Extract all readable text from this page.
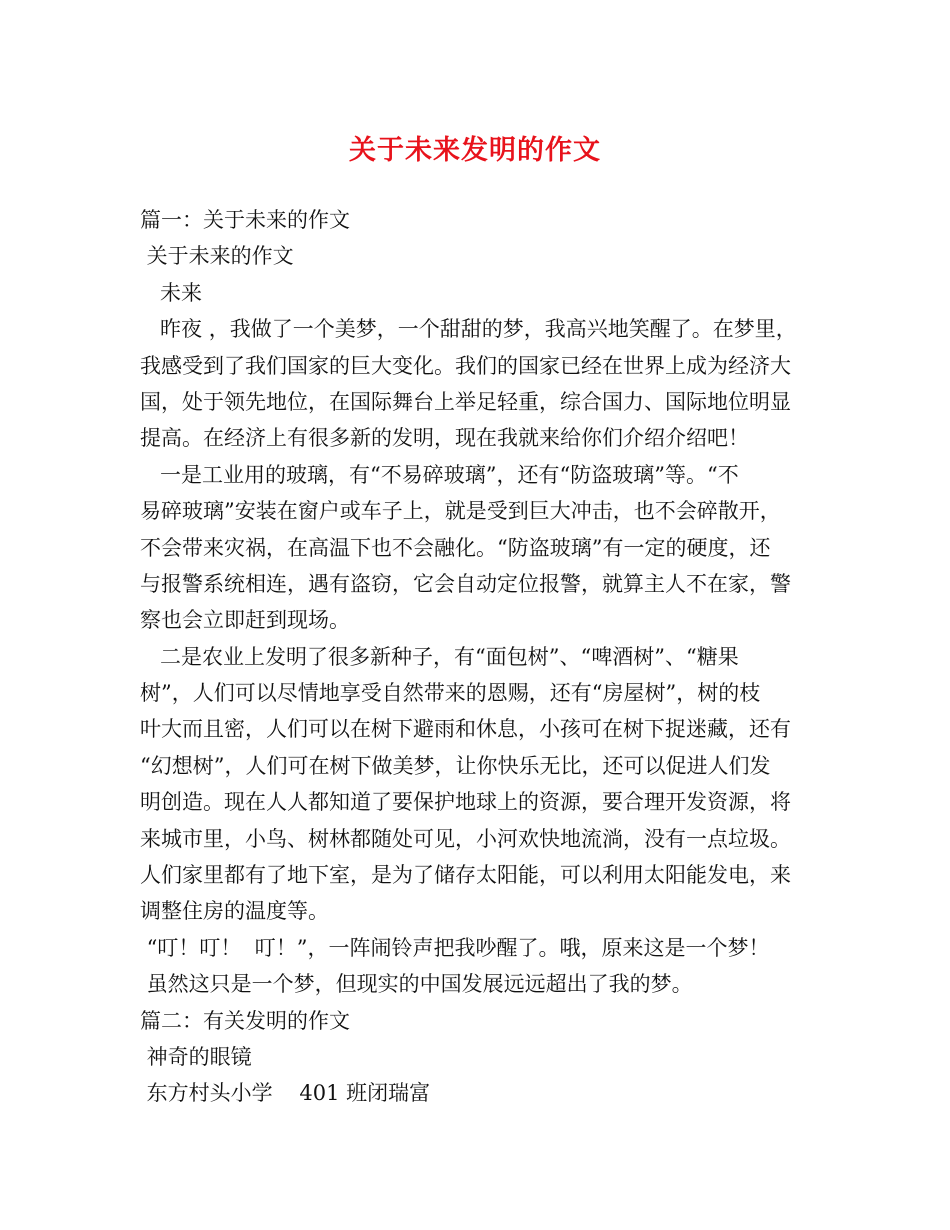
关于未来发明的作文
篇一：关于未来的作文
关于未来的作文
未来
昨夜 ，我做了一个美梦，一个甜甜的梦，我高兴地笑醒了。在梦里，
我感受到了我们国家的巨大变化。我们的国家已经在世界上成为经济大
国，处于领先地位，在国际舞台上举足轻重，综合国力、国际地位明显
提高。在经济上有很多新的发明，现在我就来给你们介绍介绍吧！
一是工业用的玻璃，有“不易碎玻璃”，还有“防盗玻璃”等。“不
易碎玻璃”安装在窗户或车子上，就是受到巨大冲击，也不会碎散开，
不会带来灾祸，在高温下也不会融化。“防盗玻璃”有一定的硬度，还
与报警系统相连，遇有盗窃，它会自动定位报警，就算主人不在家，警
察也会立即赶到现场。
二是农业上发明了很多新种子，有“面包树”、“啤酒树”、“糖果
树”，人们可以尽情地享受自然带来的恩赐，还有“房屋树”，树的枝
叶大而且密，人们可以在树下避雨和休息，小孩可在树下捉迷藏，还有
“幻想树”，人们可在树下做美梦，让你快乐无比，还可以促进人们发
明创造。现在人人都知道了要保护地球上的资源，要合理开发资源，将
来城市里，小鸟、树林都随处可见，小河欢快地流淌，没有一点垃圾。
人们家里都有了地下室，是为了储存太阳能，可以利用太阳能发电，来
调整住房的温度等。
“叮！叮！  叮！”，一阵闹铃声把我吵醒了。哦，原来这是一个梦！
虽然这只是一个梦，但现实的中国发展远远超出了我的梦。
篇二：有关发明的作文
神奇的眼镜
东方村头小学    401 班闭瑞富
